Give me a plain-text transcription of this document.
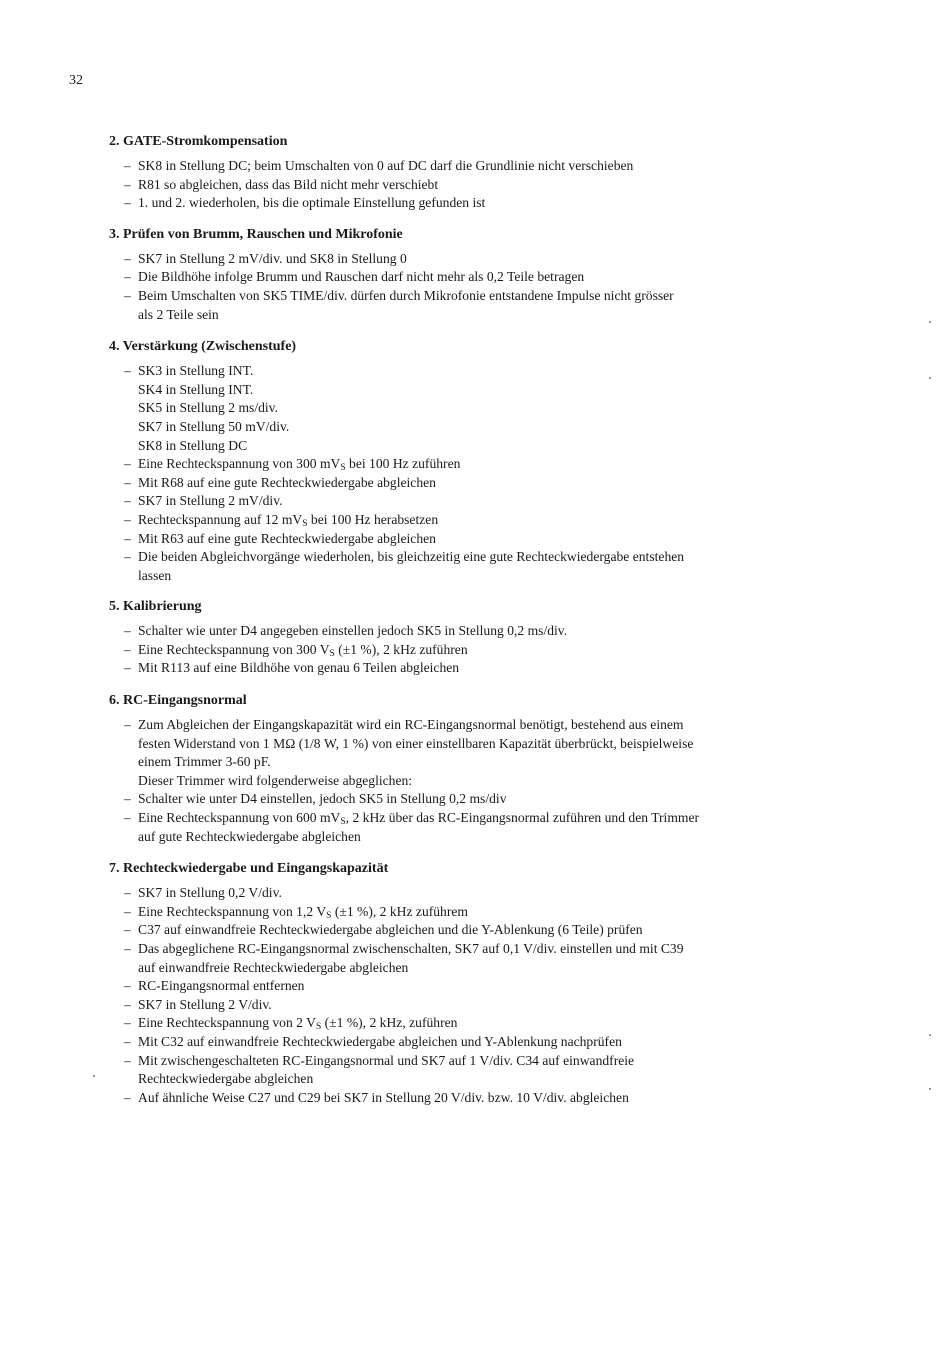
32
2. GATE-Stromkompensation
– SK8 in Stellung DC; beim Umschalten von 0 auf DC darf die Grundlinie nicht verschieben
– R81 so abgleichen, dass das Bild nicht mehr verschiebt
– 1. und 2. wiederholen, bis die optimale Einstellung gefunden ist
3. Prüfen von Brumm, Rauschen und Mikrofonie
– SK7 in Stellung 2 mV/div. und SK8 in Stellung 0
– Die Bildhöhe infolge Brumm und Rauschen darf nicht mehr als 0,2 Teile betragen
– Beim Umschalten von SK5 TIME/div. dürfen durch Mikrofonie entstandene Impulse nicht grösser
als 2 Teile sein
4. Verstärkung (Zwischenstufe)
– SK3 in Stellung INT.
SK4 in Stellung INT.
SK5 in Stellung 2 ms/div.
SK7 in Stellung 50 mV/div.
SK8 in Stellung DC
– Eine Rechteckspannung von 300 $mV_S$ bei 100 Hz zuführen
– Mit R68 auf eine gute Rechteckwiedergabe abgleichen
– SK7 in Stellung 2 mV/div.
– Rechteckspannung auf 12 $mV_S$ bei 100 Hz herabsetzen
– Mit R63 auf eine gute Rechteckwiedergabe abgleichen
– Die beiden Abgleichvorgänge wiederholen, bis gleichzeitig eine gute Rechteckwiedergabe entstehen
lassen
5. Kalibrierung
– Schalter wie unter D4 angegeben einstellen jedoch SK5 in Stellung 0,2 ms/div.
– Eine Rechteckspannung von 300 $V_S$ (±1 %), 2 kHz zuführen
– Mit R113 auf eine Bildhöhe von genau 6 Teilen abgleichen
6. RC-Eingangsnormal
– Zum Abgleichen der Eingangskapazität wird ein RC-Eingangsnormal benötigt, bestehend aus einem
festen Widerstand von 1 MΩ (1/8 W, 1 %) von einer einstellbaren Kapazität überbrückt, beispielweise
einem Trimmer 3-60 pF.
Dieser Trimmer wird folgenderweise abgeglichen:
– Schalter wie unter D4 einstellen, jedoch SK5 in Stellung 0,2 ms/div
– Eine Rechteckspannung von 600 $mV_S$, 2 kHz über das RC-Eingangsnormal zuführen und den Trimmer
auf gute Rechteckwiedergabe abgleichen
7. Rechteckwiedergabe und Eingangskapazität
– SK7 in Stellung 0,2 V/div.
– Eine Rechteckspannung von 1,2 $V_S$ (±1 %), 2 kHz zuführem
– C37 auf einwandfreie Rechteckwiedergabe abgleichen und die Y-Ablenkung (6 Teile) prüfen
– Das abgeglichene RC-Eingangsnormal zwischenschalten, SK7 auf 0,1 V/div. einstellen und mit C39
auf einwandfreie Rechteckwiedergabe abgleichen
– RC-Eingangsnormal entfernen
– SK7 in Stellung 2 V/div.
– Eine Rechteckspannung von 2 $V_S$ (±1 %), 2 kHz, zuführen
– Mit C32 auf einwandfreie Rechteckwiedergabe abgleichen und Y-Ablenkung nachprüfen
– Mit zwischengeschalteten RC-Eingangsnormal und SK7 auf 1 V/div. C34 auf einwandfreie
Rechteckwiedergabe abgleichen
– Auf ähnliche Weise C27 und C29 bei SK7 in Stellung 20 V/div. bzw. 10 V/div. abgleichen
